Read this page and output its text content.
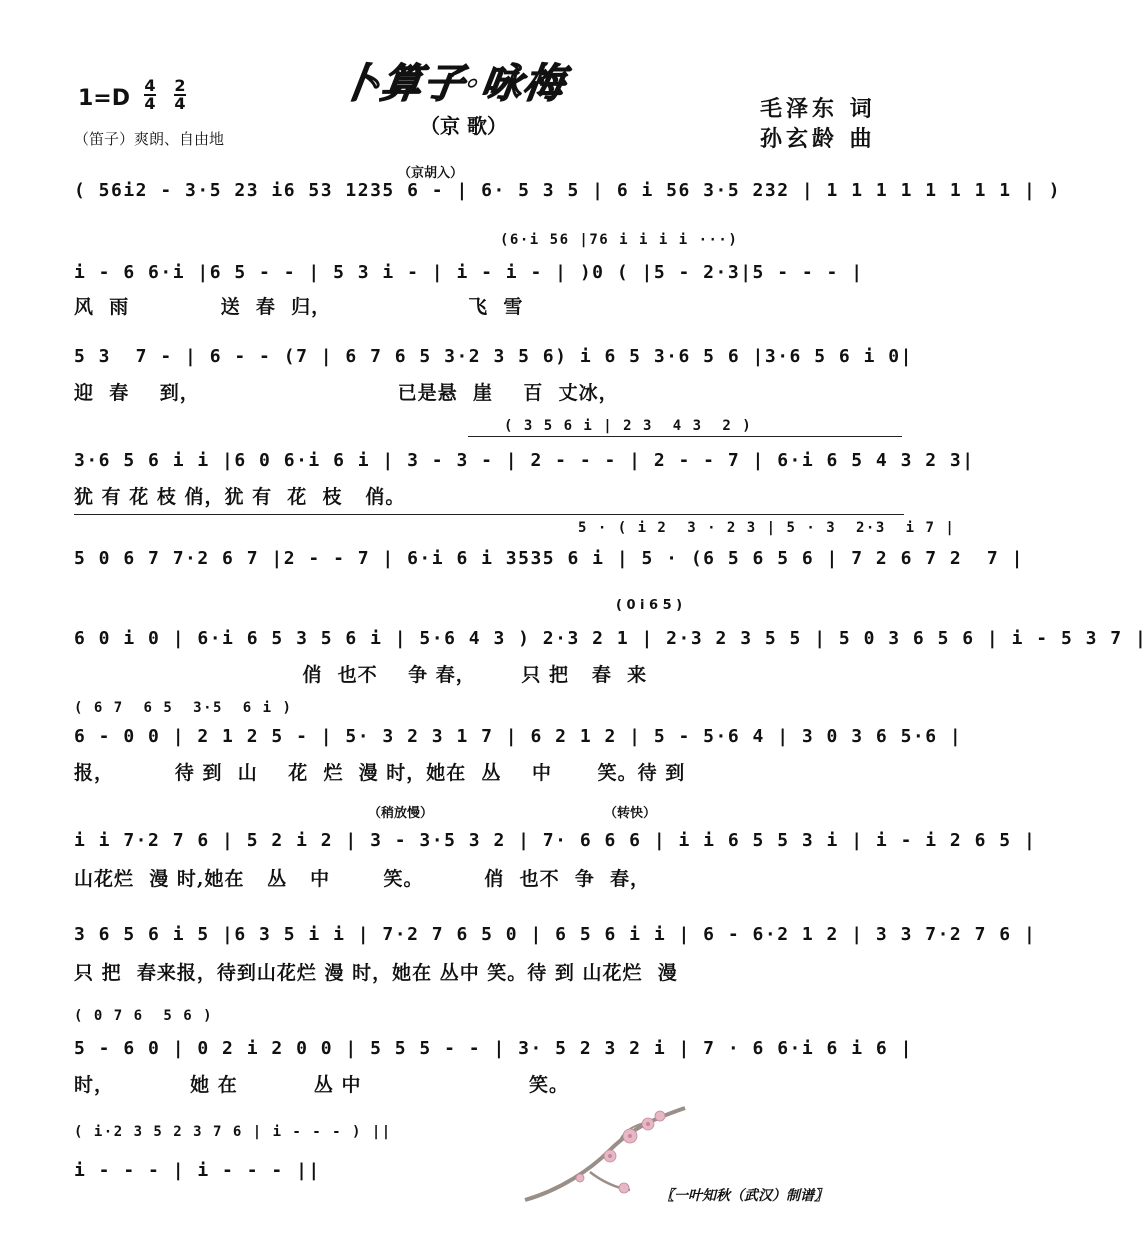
卜算子·咏梅
1=D
4
4
2
4
（京 歌）
（笛子）爽朗、自由地
毛泽东 词
孙玄龄 曲
（京胡入）
( 56i2 - 3·5 23 i6 53 1235 6 - | 6· 5 3 5 | 6 i 56 3·5 232 | 1 1 1 1 1 1 1 1 | )
(6·i 56 |76 i i i i ···)
i - 6 6·i |6 5 - - | 5 3 i - | i - i - | )0 ( |5 - 2·3|5 - - - |
风  雨            送  春  归，                  飞  雪
5 3  7 - | 6 - - (7 | 6 7 6 5 3·2 3 5 6) i 6 5 3·6 5 6 |3·6 5 6 i 0|
迎  春    到，                          已是悬  崖    百  丈冰，
( 3 5 6 i | 2 3  4 3  2 )
3·6 5 6 i i |6 0 6·i 6 i | 3 - 3 - | 2 - - - | 2 - - 7 | 6·i 6 5 4 3 2 3|
犹 有 花 枝 俏，犹 有  花  枝   俏。
5 · ( i 2  3 · 2 3 | 5 · 3  2·3  i 7 |
5 0 6 7 7·2 6 7 |2 - - 7 | 6·i 6 i 3535 6 i | 5 · (6 5 6 5 6 | 7 2 6 7 2  7 |
( 0 i 6 5 )
6 0 i 0 | 6·i 6 5 3 5 6 i | 5·6 4 3 ) 2·3 2 1 | 2·3 2 3 5 5 | 5 0 3 6 5 6 | i - 5 3 7 |
俏  也不    争 春，      只 把   春  来
( 6 7  6 5  3·5  6 i )
6 - 0 0 | 2 1 2 5 - | 5· 3 2 3 1 7 | 6 2 1 2 | 5 - 5·6 4 | 3 0 3 6 5·6 |
报，        待 到  山    花  烂  漫 时，她在  丛    中      笑。待 到
（稍放慢）	（转快）
i i 7·2 7 6 | 5 2 i 2 | 3 - 3·5 3 2 | 7· 6 6 6 | i i 6 5 5 3 i | i - i 2 6 5 |
山花烂  漫 时,她在   丛   中       笑。        俏  也不  争  春，
3 6 5 6 i 5 |6 3 5 i i | 7·2 7 6 5 0 | 6 5 6 i i | 6 - 6·2 1 2 | 3 3 7·2 7 6 |
只 把  春来报，待到山花烂 漫 时，她在 丛中 笑。待 到 山花烂  漫
( 0 7 6  5 6 )
5 - 6 0 | 0 2 i 2 0 0 | 5 5 5 - - | 3· 5 2 3 2 i | 7 · 6 6·i 6 i 6 |
时，          她 在          丛 中                      笑。
( i·2 3 5 2 3 7 6 | i - - - ) ||
i - - - | i - - - ||
〖一叶知秋（武汉）制谱〗
